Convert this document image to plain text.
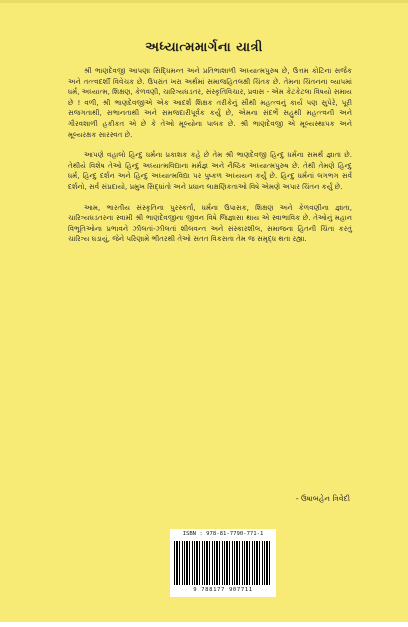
અધ્યાત્મમાર્ગના યાત્રી

શ્રી ભાણદેવજી આપણા સિદ્ધિમન્ત અને પ્રતિભાશાળી અધ્યાત્મપુરુષ છે, ઉત્તમ કોટિના સર્જક અને તત્ત્વદર્શી વિવેચક છે. ઉપરાંત ખરા અર્થમાં સમાજહિતલક્ષી ચિંતક છે. તેમના ચિંતનના વ્યાપમાં ધર્મ, અધ્યાત્મ, શિક્ષણ, કેળવણી, ચારિત્ર્યઘડતર, સંસ્કૃતિવિચાર, પ્રવાસ - એમ કેટકેટલા વિષયો સમાય છે ! વળી, શ્રી ભાણદેવજીએ એક આદર્શ શિક્ષક તરીકેનું સૌથી મહત્ત્વનું કાર્ય પણ સુપેરે, પૂરી સજગતાથી, સભાનતાથી અને સમજદારીપૂર્વક કર્યું છે, એમના સંદર્ભે સહુથી મહત્ત્વની અને ગૌરવશાળી હકીકત એ છે કે તેઓ મૂલ્યોના પાલક છે. શ્રી ભાણદેવજી એ મૂલ્યસ્થાપક અને મૂલ્યરક્ષક સારસ્વત છે.

આપણે વહાલો હિન્દુ ધર્મના પ્રકાશક કહે છે તેમ શ્રી ભાણદેવજી હિન્દુ ધર્મના સમર્થ જ્ઞાતા છે. તેથીયે વિશેષ તેઓ હિન્દુ અધ્યાત્મવિદ્યાના મર્મજ્ઞ અને નૈષ્ઠિક અધ્યાત્મપુરુષ છે. તેથી તેમણે હિન્દુ ધર્મ, હિન્દુ દર્શન અને હિન્દુ અધ્યાત્મવિદ્યા પર પુષ્કળ અધ્યયન કર્યું છે. હિન્દુ ધર્મનાં લગભગ સર્વ દર્શનો, સર્વ સંપ્રદાયો, પ્રમુખ સિદ્ધાંતો અને પ્રધાન લાક્ષણિકતાઓ વિષે એમણે અપાર ચિંતન કર્યું છે.

આમ, ભારતીય સંસ્કૃતિના પુરસ્કર્તા, ધર્મના ઉપાસક, શિક્ષણ અને કેળવણીના જ્ઞાતા, ચારિત્ર્યઘડતરના સ્વામી શ્રી ભાણદેવજીના જીવન વિષે જિજ્ઞાસા થાય એ સ્વાભાવિક છે. તેઓનું મહાન વિભૂતિઓના પ્રભાવને ઝીલતાં-ઝીલતાં શીલવન્ત અને સંસ્કારશીલ, સમાજના હિતની ચિંતા કરતું ચારિત્ર્ય ઘડાયું, જેને પરિણામે ભીતરથી તેઓ સતત વિકસતા તેમ જ સમૃદ્ધ થતા રહ્યા.

- ઉષાબહેન ત્રિવેદી
ISBN : 978-81-7790-771-1
9 788177 907711
